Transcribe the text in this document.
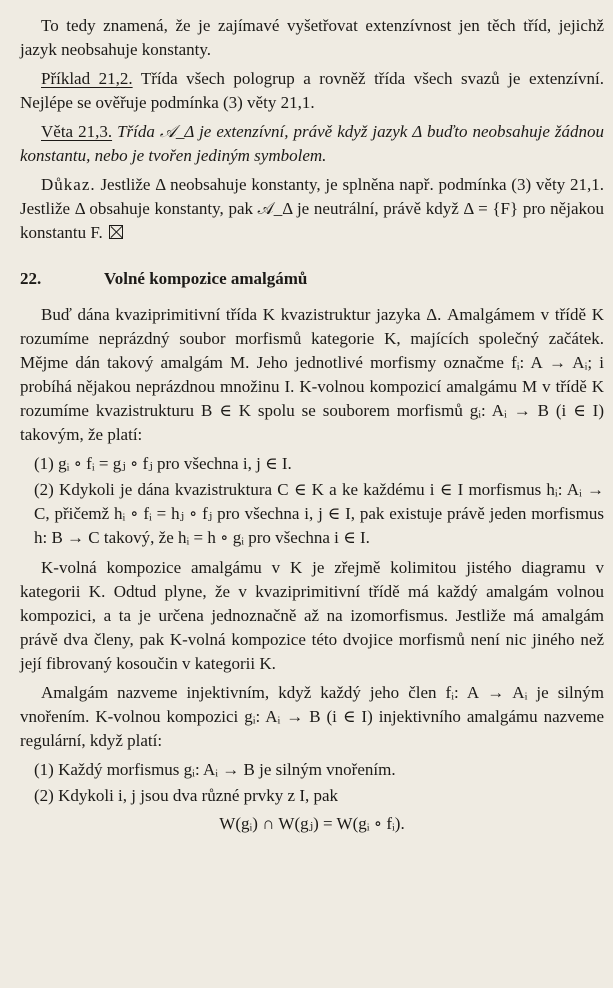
To tedy znamená, že je zajímavé vyšetřovat extenzívnost jen těch tříd, jejichž jazyk neobsahuje konstanty.

Příklad 21,2. Třída všech pologrup a rovněž třída všech svazů je extenzívní. Nejlépe se ověřuje podmínka (3) věty 21,1.

Věta 21,3. Třída 𝒜_Δ je extenzívní, právě když jazyk Δ buďto neobsahuje žádnou konstantu, nebo je tvořen jediným symbolem.

Důkaz. Jestliže Δ neobsahuje konstanty, je splněna např. podmínka (3) věty 21,1. Jestliže Δ obsahuje konstanty, pak 𝒜_Δ je neutrální, právě když Δ = {F} pro nějakou konstantu F.

22.	Volné kompozice amalgámů

Buď dána kvaziprimitivní třída K kvazistruktur jazyka Δ. Amalgámem v třídě K rozumíme neprázdný soubor morfismů kategorie K, majících společný začátek. Mějme dán takový amalgám M. Jeho jednotlivé morfismy označme fᵢ: A → Aᵢ; i probíhá nějakou neprázdnou množinu I. K-volnou kompozicí amalgámu M v třídě K rozumíme kvazistrukturu B ∈ K spolu se souborem morfismů gᵢ: Aᵢ → B (i ∈ I) takovým, že platí:

(1) gᵢ ∘ fᵢ = gⱼ ∘ fⱼ pro všechna i, j ∈ I.
(2) Kdykoli je dána kvazistruktura C ∈ K a ke každému i ∈ I morfismus hᵢ: Aᵢ → C, přičemž hᵢ ∘ fᵢ = hⱼ ∘ fⱼ pro všechna i, j ∈ I, pak existuje právě jeden morfismus h: B → C takový, že hᵢ = h ∘ gᵢ pro všechna i ∈ I.

K-volná kompozice amalgámu v K je zřejmě kolimitou jistého diagramu v kategorii K. Odtud plyne, že v kvaziprimitivní třídě má každý amalgám volnou kompozici, a ta je určena jednoznačně až na izomorfismus. Jestliže má amalgám právě dva členy, pak K-volná kompozice této dvojice morfismů není nic jiného než její fibrovaný kosoučin v kategorii K.

Amalgám nazveme injektivním, když každý jeho člen fᵢ: A → Aᵢ je silným vnořením. K-volnou kompozici gᵢ: Aᵢ → B (i ∈ I) injektivního amalgámu nazveme regulární, když platí:

(1) Každý morfismus gᵢ: Aᵢ → B je silným vnořením.
(2) Kdykoli i, j jsou dva různé prvky z I, pak
W(gᵢ) ∩ W(gⱼ) = W(gᵢ ∘ fᵢ).
